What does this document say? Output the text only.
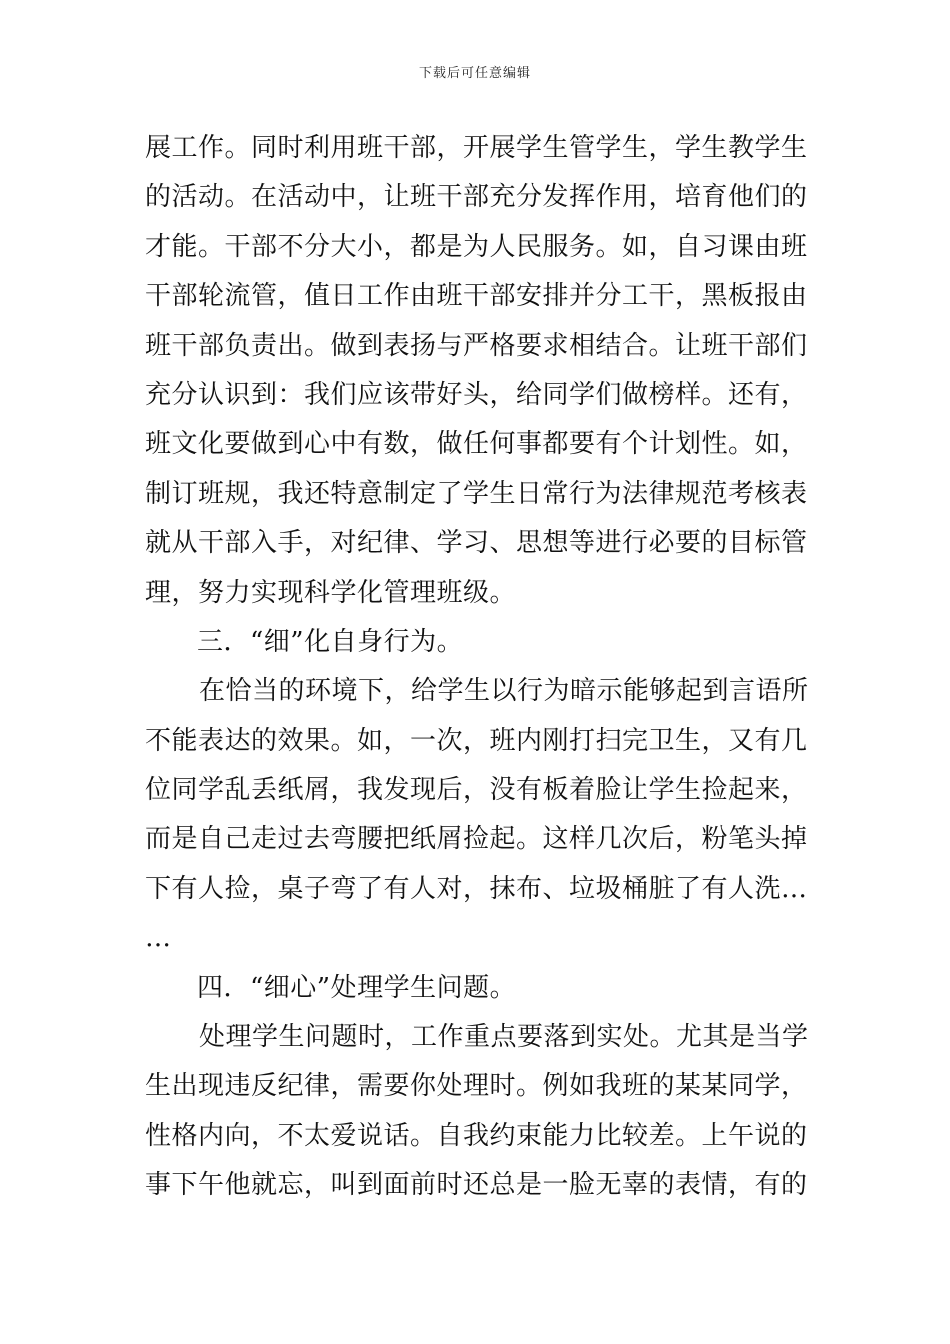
下载后可任意编辑
展工作。同时利用班干部，开展学生管学生，学生教学生
的活动。在活动中，让班干部充分发挥作用，培育他们的
才能。干部不分大小，都是为人民服务。如，自习课由班
干部轮流管，值日工作由班干部安排并分工干，黑板报由
班干部负责出。做到表扬与严格要求相结合。让班干部们
充分认识到：我们应该带好头，给同学们做榜样。还有，
班文化要做到心中有数，做任何事都要有个计划性。如，
制订班规，我还特意制定了学生日常行为法律规范考核表
就从干部入手，对纪律、学习、思想等进行必要的目标管
理，努力实现科学化管理班级。
三．“细”化自身行为。
在恰当的环境下，给学生以行为暗示能够起到言语所
不能表达的效果。如，一次，班内刚打扫完卫生，又有几
位同学乱丢纸屑，我发现后，没有板着脸让学生捡起来，
而是自己走过去弯腰把纸屑捡起。这样几次后，粉笔头掉
下有人捡，桌子弯了有人对，抹布、垃圾桶脏了有人洗…
…
四．“细心”处理学生问题。
处理学生问题时，工作重点要落到实处。尤其是当学
生出现违反纪律，需要你处理时。例如我班的某某同学，
性格内向，不太爱说话。自我约束能力比较差。上午说的
事下午他就忘，叫到面前时还总是一脸无辜的表情，有的
